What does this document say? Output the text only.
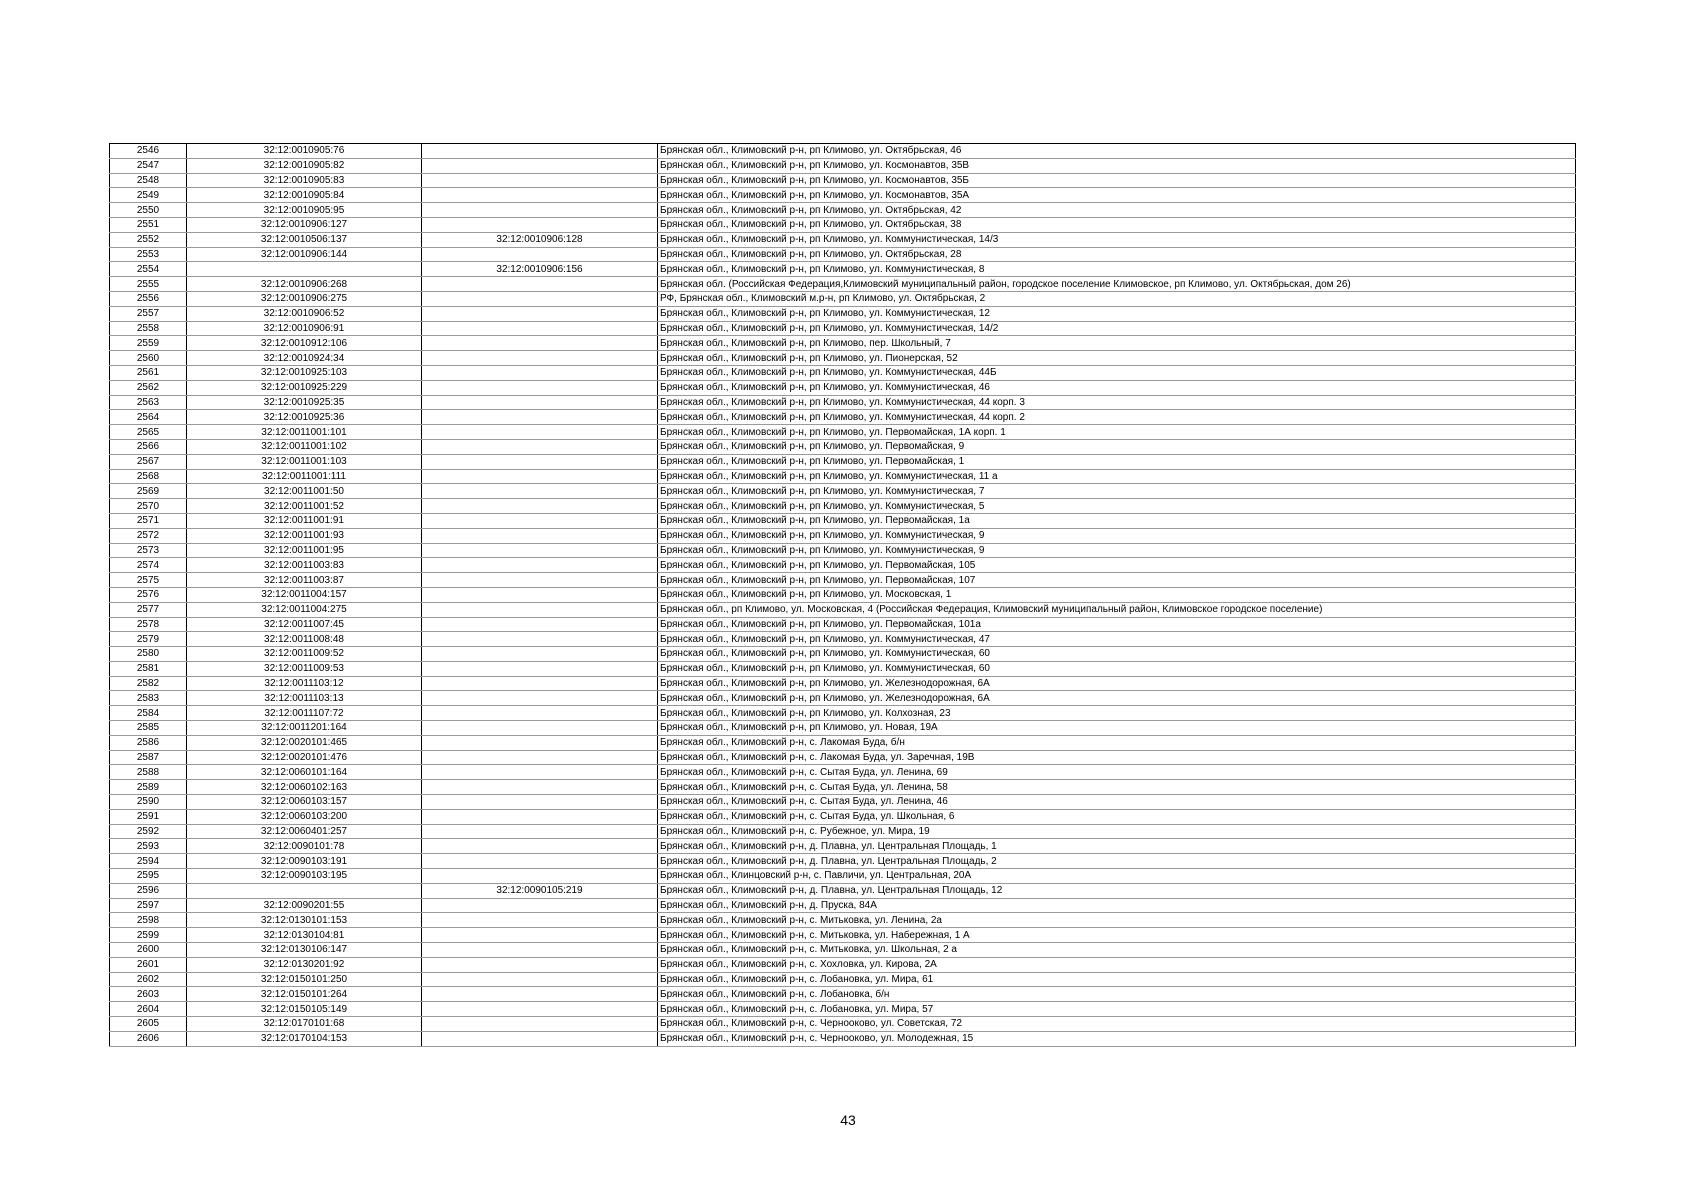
2546	32:12:0010905:76		Брянская обл., Климовский р-н, рп Климово, ул. Октябрьская, 46
2547	32:12:0010905:82		Брянская обл., Климовский р-н, рп Климово, ул. Космонавтов, 35В
2548	32:12:0010905:83		Брянская обл., Климовский р-н, рп Климово, ул. Космонавтов, 35Б
2549	32:12:0010905:84		Брянская обл., Климовский р-н, рп Климово, ул. Космонавтов, 35А
2550	32:12:0010905:95		Брянская обл., Климовский р-н, рп Климово, ул. Октябрьская, 42
2551	32:12:0010906:127		Брянская обл., Климовский р-н, рп Климово, ул. Октябрьская, 38
2552	32:12:0010506:137	32:12:0010906:128	Брянская обл., Климовский р-н, рп Климово, ул. Коммунистическая, 14/3
2553	32:12:0010906:144		Брянская обл., Климовский р-н, рп Климово, ул. Октябрьская, 28
2554		32:12:0010906:156	Брянская обл., Климовский р-н, рп Климово, ул. Коммунистическая, 8
2555	32:12:0010906:268		Брянская обл. (Российская Федерация,Климовский муниципальный район, городское поселение Климовское, рп Климово, ул. Октябрьская, дом 26)
2556	32:12:0010906:275		РФ, Брянская обл., Климовский м.р-н, рп Климово, ул. Октябрьская, 2
2557	32:12:0010906:52		Брянская обл., Климовский р-н, рп Климово, ул. Коммунистическая, 12
2558	32:12:0010906:91		Брянская обл., Климовский р-н, рп Климово, ул. Коммунистическая, 14/2
2559	32:12:0010912:106		Брянская обл., Климовский р-н, рп Климово, пер. Школьный, 7
2560	32:12:0010924:34		Брянская обл., Климовский р-н, рп Климово, ул. Пионерская, 52
2561	32:12:0010925:103		Брянская обл., Климовский р-н, рп Климово, ул. Коммунистическая, 44Б
2562	32:12:0010925:229		Брянская обл., Климовский р-н, рп Климово, ул. Коммунистическая, 46
2563	32:12:0010925:35		Брянская обл., Климовский р-н, рп Климово, ул. Коммунистическая, 44 корп. 3
2564	32:12:0010925:36		Брянская обл., Климовский р-н, рп Климово, ул. Коммунистическая, 44 корп. 2
2565	32:12:0011001:101		Брянская обл., Климовский р-н, рп Климово, ул. Первомайская, 1А корп. 1
2566	32:12:0011001:102		Брянская обл., Климовский р-н, рп Климово, ул. Первомайская, 9
2567	32:12:0011001:103		Брянская обл., Климовский р-н, рп Климово, ул. Первомайская, 1
2568	32:12:0011001:111		Брянская обл., Климовский р-н, рп Климово, ул. Коммунистическая, 11 а
2569	32:12:0011001:50		Брянская обл., Климовский р-н, рп Климово, ул. Коммунистическая, 7
2570	32:12:0011001:52		Брянская обл., Климовский р-н, рп Климово, ул. Коммунистическая, 5
2571	32:12:0011001:91		Брянская обл., Климовский р-н, рп Климово, ул. Первомайская, 1а
2572	32:12:0011001:93		Брянская обл., Климовский р-н, рп Климово, ул. Коммунистическая, 9
2573	32:12:0011001:95		Брянская обл., Климовский р-н, рп Климово, ул. Коммунистическая, 9
2574	32:12:0011003:83		Брянская обл., Климовский р-н, рп Климово, ул. Первомайская, 105
2575	32:12:0011003:87		Брянская обл., Климовский р-н, рп Климово, ул. Первомайская, 107
2576	32:12:0011004:157		Брянская обл., Климовский р-н, рп Климово, ул. Московская, 1
2577	32:12:0011004:275		Брянская обл., рп Климово, ул. Московская, 4 (Российская Федерация, Климовский муниципальный район, Климовское городское поселение)
2578	32:12:0011007:45		Брянская обл., Климовский р-н, рп Климово, ул. Первомайская, 101а
2579	32:12:0011008:48		Брянская обл., Климовский р-н, рп Климово, ул. Коммунистическая, 47
2580	32:12:0011009:52		Брянская обл., Климовский р-н, рп Климово, ул. Коммунистическая, 60
2581	32:12:0011009:53		Брянская обл., Климовский р-н, рп Климово, ул. Коммунистическая, 60
2582	32:12:0011103:12		Брянская обл., Климовский р-н, рп Климово, ул. Железнодорожная, 6А
2583	32:12:0011103:13		Брянская обл., Климовский р-н, рп Климово, ул. Железнодорожная, 6А
2584	32:12:0011107:72		Брянская обл., Климовский р-н, рп Климово, ул. Колхозная, 23
2585	32:12:0011201:164		Брянская обл., Климовский р-н, рп Климово, ул. Новая, 19А
2586	32:12:0020101:465		Брянская обл., Климовский р-н, с. Лакомая Буда, б/н
2587	32:12:0020101:476		Брянская обл., Климовский р-н, с. Лакомая Буда, ул. Заречная, 19В
2588	32:12:0060101:164		Брянская обл., Климовский р-н, с. Сытая Буда, ул. Ленина, 69
2589	32:12:0060102:163		Брянская обл., Климовский р-н, с. Сытая Буда, ул. Ленина, 58
2590	32:12:0060103:157		Брянская обл., Климовский р-н, с. Сытая Буда, ул. Ленина, 46
2591	32:12:0060103:200		Брянская обл., Климовский р-н, с. Сытая Буда, ул. Школьная, 6
2592	32:12:0060401:257		Брянская обл., Климовский р-н, с. Рубежное, ул. Мира, 19
2593	32:12:0090101:78		Брянская обл., Климовский р-н, д. Плавна, ул. Центральная Площадь, 1
2594	32:12:0090103:191		Брянская обл., Климовский р-н, д. Плавна, ул. Центральная Площадь, 2
2595	32:12:0090103:195		Брянская обл., Клинцовский р-н, с. Павличи, ул. Центральная, 20А
2596		32:12:0090105:219	Брянская обл., Климовский р-н, д. Плавна, ул. Центральная Площадь, 12
2597	32:12:0090201:55		Брянская обл., Климовский р-н, д. Пруска, 84А
2598	32:12:0130101:153		Брянская обл., Климовский р-н, с. Митьковка, ул. Ленина, 2а
2599	32:12:0130104:81		Брянская обл., Климовский р-н, с. Митьковка, ул. Набережная, 1 А
2600	32:12:0130106:147		Брянская обл., Климовский р-н, с. Митьковка, ул. Школьная, 2 а
2601	32:12:0130201:92		Брянская обл., Климовский р-н, с. Хохловка, ул. Кирова, 2А
2602	32:12:0150101:250		Брянская обл., Климовский р-н, с. Лобановка, ул. Мира, 61
2603	32:12:0150101:264		Брянская обл., Климовский р-н, с. Лобановка, б/н
2604	32:12:0150105:149		Брянская обл., Климовский р-н, с. Лобановка, ул. Мира, 57
2605	32:12:0170101:68		Брянская обл., Климовский р-н, с. Чернооково, ул. Советская, 72
2606	32:12:0170104:153		Брянская обл., Климовский р-н, с. Чернооково, ул. Молодежная, 15
43
